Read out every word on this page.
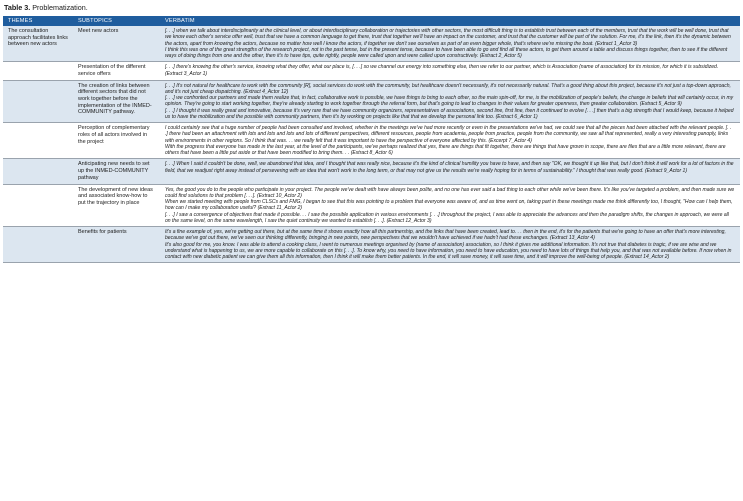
Table 3. Problematization.
THEMES	SUBTOPICS	VERBATIM
The consultation approach facilitates links between new actors	Meet new actors	[. . .] when we talk about interdisciplinarity at the clinical level, or about interdisciplinary collaboration or trajectories with other sectors, the most difficult thing is to establish trust between each of the members, trust that the work will be well done, trust that we know each other's service offer well, trust that we have a common language to get there, trust that together we'll have an impact on the customer, and trust that the customer will be part of the solution. For me, it's the link, then it's the dynamic between the actors, apart from knowing the actors, because no matter how well I know the actors, if together we don't see ourselves as part of an even bigger whole, that's where we're missing the boat. (Extract 1_Actor 3)
I think this was one of the great strengths of the research project, not in the past tense, but in the present tense, because to have been able to go and find all these actors, to get them around a table and discuss things together, then to see if the different ways of doing things from one and the other, then it's to have tips, quite rightly, people were called upon and were called upon constructively. (Extract 2_Actor 5)

	Presentation of the different service offers	[. . .] there's knowing the other's service, knowing what they offer, what our place is, [. . .] so we channel our energy into something else, then we refer to our partner, which is Association (name of association) for its mission, for which it is subsidized. (Extract 3_Actor 1)

	The creation of links between different sectors that did not work together before the implementation of the INMED-COMMUNITY pathway.	[. . .] It's not natural for healthcare to work with the community [R], social services do work with the community, but healthcare doesn't necessarily, it's not necessarily natural. That's a good thing about this project, because it's not just a top-down approach, and it's not just cheap dispatching. (Extract 4_Actor 12)
[. . .] we confronted our partners and made them realize that, in fact, collaborative work is possible, we have things to bring to each other, so the main spin-off, for me, is the mobilization of people's beliefs, the change in beliefs that will certainly occur, in my opinion. They're going to start working together, they're already starting to work together through the referral form, but that's going to lead to changes in their values for greater openness, then greater collaboration. (Extract 5_Actor 9)
[. . .] I thought it was really great and innovative, because it's very rare that we have community organizers, representatives of associations, second line, first line, then it continued to evolve [. . .] then that's a big strength that I would keep, because it helped us to have the mobilization and the possible with community partners, then it's by working on projects like that that we develop the personal link too. (Extract 6_Actor 1)

	Perception of complementary roles of all actors involved in the project	I could certainly see that a huge number of people had been consulted and involved, whether in the meetings we've had more recently or even in the presentations we've had, we could see that all the pieces had been attached with the relevant people. [. . .] there had been an attachment with lots and lots and lots and lots of different perspectives, different resources, people from academia, people from practice, people from the community, we saw all that represented, really a very interesting panoply, links with environments in other regions. So I think that was. . . we really felt that it was important to have the perspective of everyone affected by this. (Excerpt 7_Actor 4)
With the progress that everyone has made in the last year, at the level of the participants, we've perhaps realized that yes, there are things that fit together, there are things that have grown in scope, there are files that are a little more relevant, there are others that have been a little put aside or that have been modified to bring them. . . (Extract 8_Actor 6)

	Anticipating new needs to set up the INMED-COMMUNITY pathway	[. . .] When I said it couldn't be done, well, we abandoned that idea, and I thought that was really nice, because it's the kind of clinical humility you have to have, and then say "OK, we thought it up like that, but I don't think it will work for a lot of factors in the field, that we readjust right away instead of persevering with an idea that won't work in the long term, or that may not give us the results we're really hoping for in terms of sustainability." I thought that was really good. (Extract 9_Actor 1)

	The development of new ideas and associated know-how to put the trajectory in place	Yes, the good you do to the people who participate in your project. The people we've dealt with have always been polite, and no one has ever said a bad thing to each other while we've been there. It's like you've targeted a problem, and then made sure we could find solutions to that problem [. . .]. (Extract 10_Actor 2)
When we started meeting with people from CLSCs and FMG, I began to see that this was pointing to a problem that everyone was aware of, and as time went on, taking part in these meetings made me think differently too, I thought, "How can I help them, how can I make my collaboration useful? (Extract 11_Actor 2)
[. . .] I saw a convergence of objectives that made it possible. . . I saw the possible application in various environments [. . .] throughout the project, I was able to appreciate the advances and then the paradigm shifts, the changes in approach, we were all on the same level, on the same wavelength, I saw the quiet continuity we wanted to establish [. . .]. (Extract 12_Actor 3)

	Benefits for patients	It's a fine example of, yes, we're getting out there, but at the same time it shows exactly how all this partnership, and the links that have been created, lead to. . . then in the end, it's for the patients that we're going to have an offer that's more interesting, because we've got out there, we've seen our thinking differently, bringing in new points, new perspectives that we wouldn't have achieved if we hadn't had these exchanges. (Extract 13_Actor 4)
It's also good for me, you know. I was able to attend a cooking class, I went to numerous meetings organised by (name of association) association, so I think it gives me additional information. It's not true that diabetes is tragic, if we are wise and we understand what is happening to us, we are more capable to collaborate on this [. . .]. To know why, you need to have information, you need to have education, you need to have lots of things that help you, and that was not available before. If now when in contact with new diabetic patient we can give them all this information, then I think it will make them better patients. In the end, it will save money, it will save time, and it will improve the well-being of people. (Extract 14_Actor 2)
